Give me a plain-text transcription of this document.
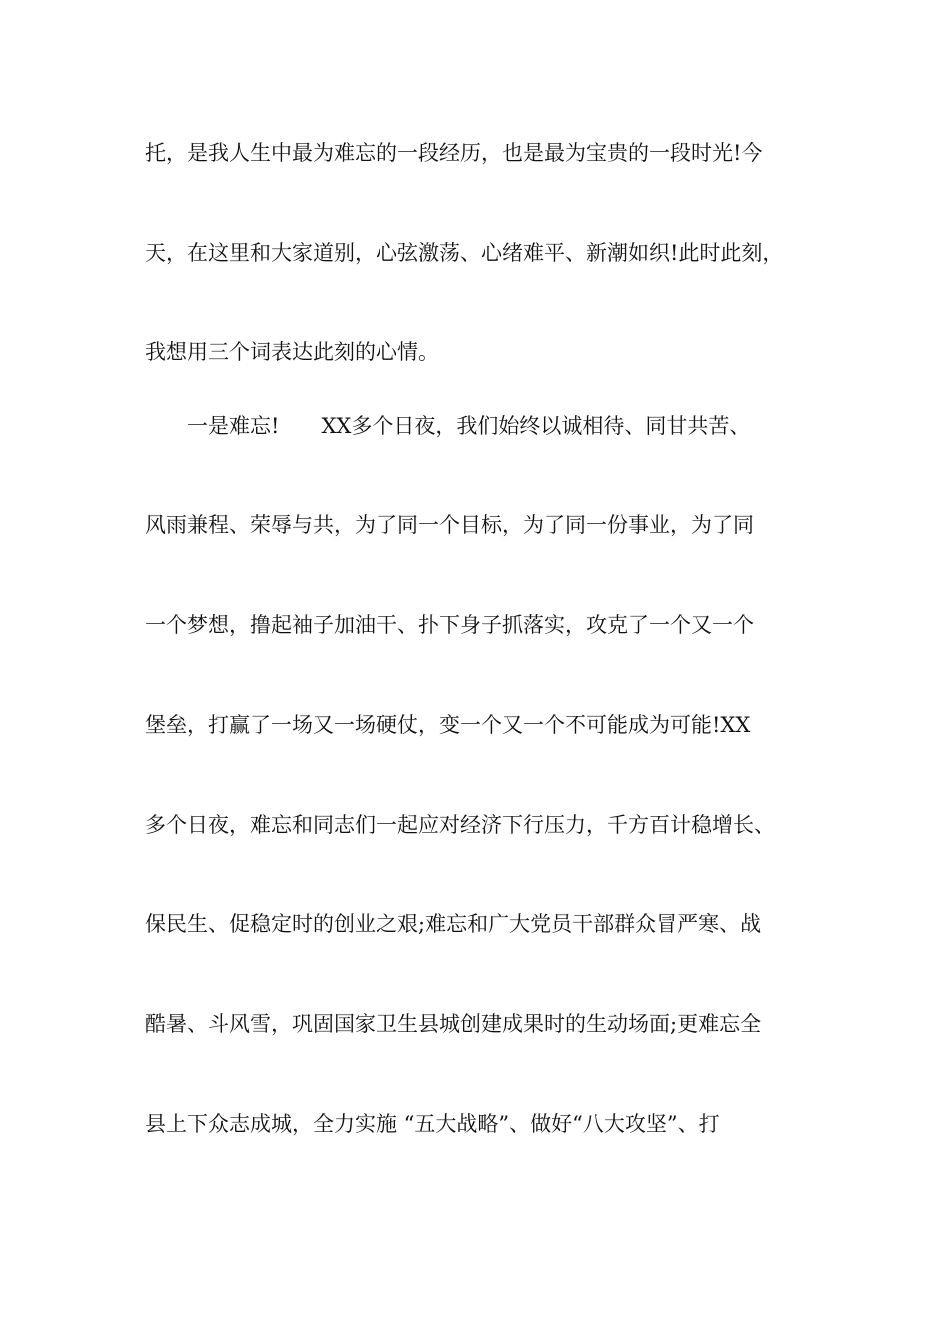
托，是我人生中最为难忘的一段经历，也是最为宝贵的一段时光!今
天，在这里和大家道别，心弦激荡、心绪难平、新潮如织!此时此刻，
我想用三个词表达此刻的心情。
　　一是难忘!　　XX多个日夜，我们始终以诚相待、同甘共苦、
风雨兼程、荣辱与共，为了同一个目标，为了同一份事业，为了同
一个梦想，撸起袖子加油干、扑下身子抓落实，攻克了一个又一个
堡垒，打赢了一场又一场硬仗，变一个又一个不可能成为可能!XX
多个日夜，难忘和同志们一起应对经济下行压力，千方百计稳增长、
保民生、促稳定时的创业之艰;难忘和广大党员干部群众冒严寒、战
酷暑、斗风雪，巩固国家卫生县城创建成果时的生动场面;更难忘全
县上下众志成城，全力实施 “五大战略”、做好“八大攻坚”、打
